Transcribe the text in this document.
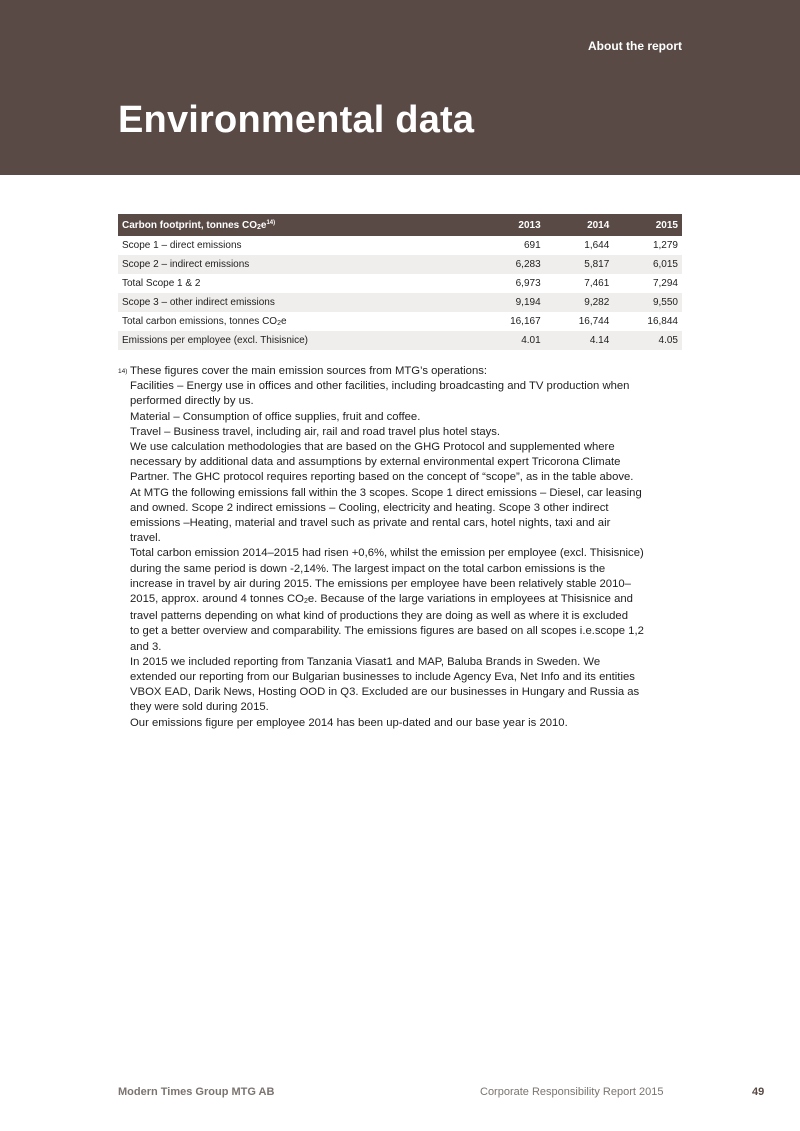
About the report
Environmental data
Carbon footprint, tonnes $CO2e^{14)}$	2013	2014	2015
Scope 1 – direct emissions	691	1,644	1,279
Scope 2 – indirect emissions	6,283	5,817	6,015
Total Scope 1 & 2	6,973	7,461	7,294
Scope 3 – other indirect emissions	9,194	9,282	9,550
Total carbon emissions, tonnes CO2e	16,167	16,744	16,844
Emissions per employee (excl. Thisisnice)	4.01	4.14	4.05
14) These figures cover the main emission sources from MTG’s operations:
Facilities – Energy use in offices and other facilities, including broadcasting and TV production when
performed directly by us.
Material – Consumption of office supplies, fruit and coffee.
Travel – Business travel, including air, rail and road travel plus hotel stays.
We use calculation methodologies that are based on the GHG Protocol and supplemented where
necessary by additional data and assumptions by external environmental expert Tricorona Climate
Partner. The GHC protocol requires reporting based on the concept of “scope”, as in the table above.
At MTG the following emissions fall within the 3 scopes. Scope 1 direct emissions – Diesel, car leasing
and owned. Scope 2 indirect emissions – Cooling, electricity and heating. Scope 3 other indirect
emissions –Heating, material and travel such as private and rental cars, hotel nights, taxi and air
travel.
Total carbon emission 2014–2015 had risen +0,6%, whilst the emission per employee (excl. Thisisnice)
during the same period is down -2,14%. The largest impact on the total carbon emissions is the
increase in travel by air during 2015. The emissions per employee have been relatively stable 2010–
2015, approx. around 4 tonnes CO2e. Because of the large variations in employees at Thisisnice and
travel patterns depending on what kind of productions they are doing as well as where it is excluded
to get a better overview and comparability. The emissions figures are based on all scopes i.e.scope 1,2
and 3.
In 2015 we included reporting from Tanzania Viasat1 and MAP, Baluba Brands in Sweden. We
extended our reporting from our Bulgarian businesses to include Agency Eva, Net Info and its entities
VBOX EAD, Darik News, Hosting OOD in Q3. Excluded are our businesses in Hungary and Russia as
they were sold during 2015.
Our emissions figure per employee 2014 has been up-dated and our base year is 2010.
Modern Times Group MTG AB	Corporate Responsibility Report 2015	49
